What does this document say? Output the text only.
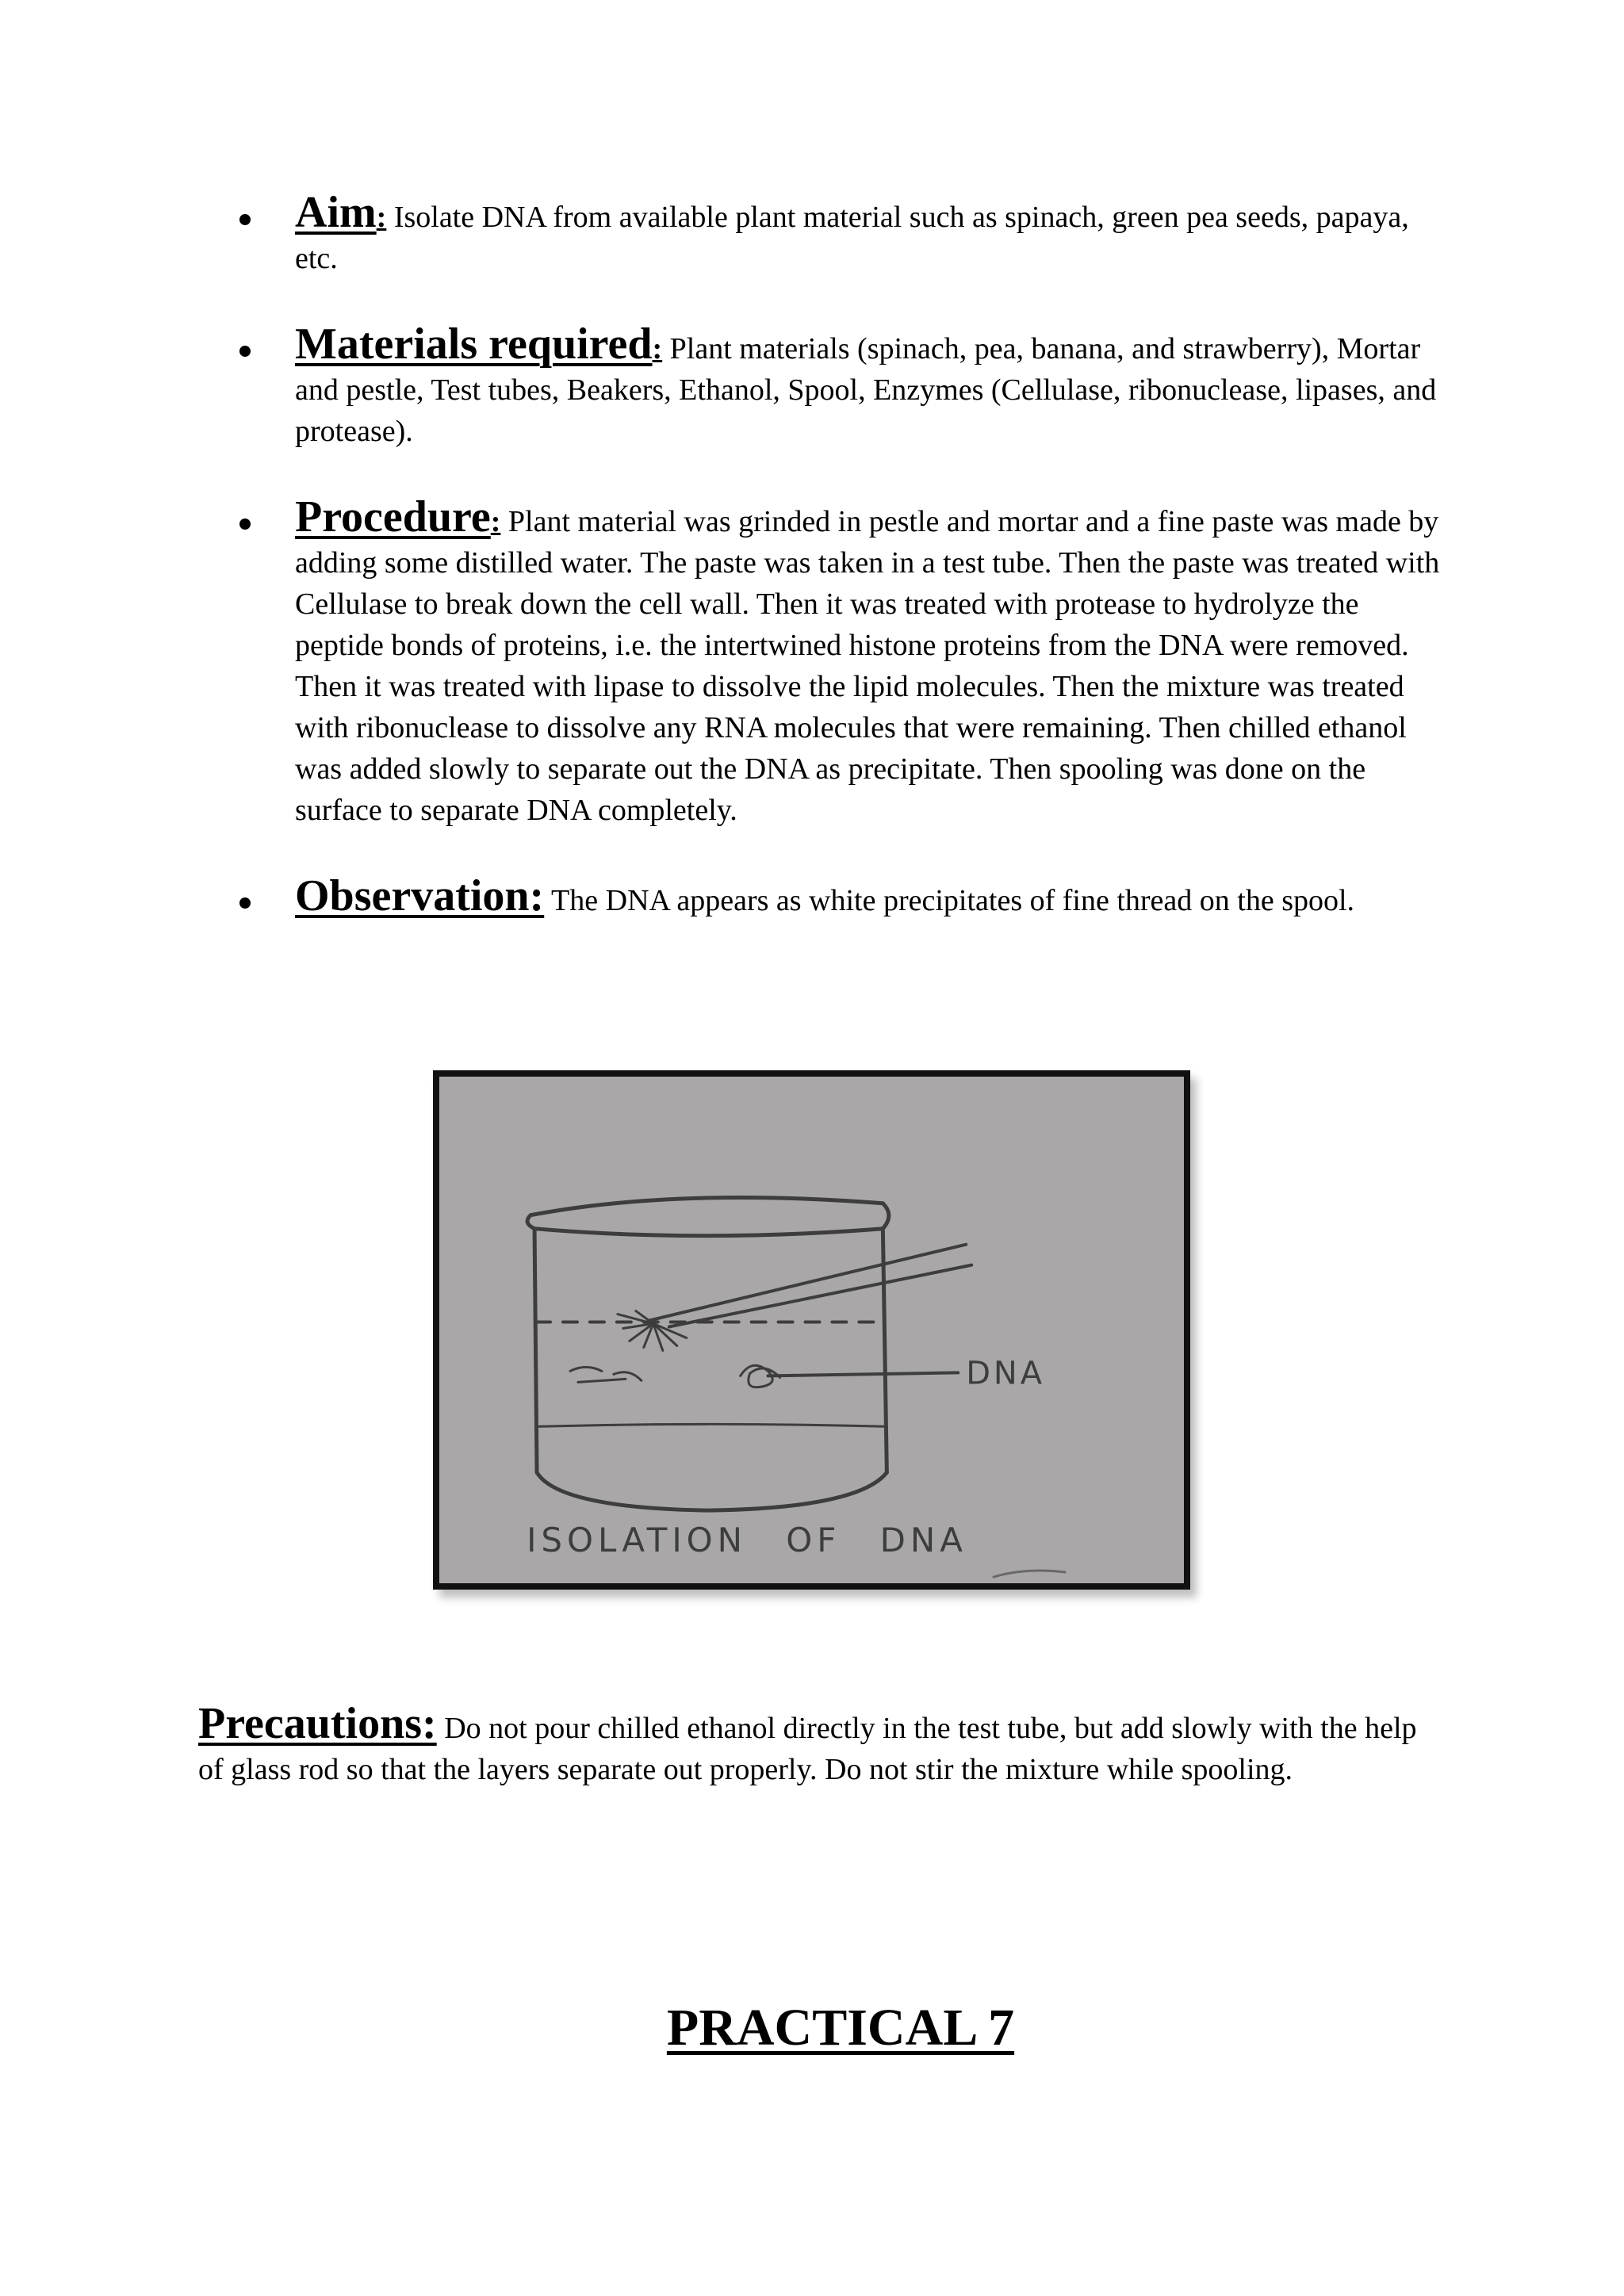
Aim: Isolate DNA from available plant material such as spinach, green pea seeds, papaya, etc.
Materials required: Plant materials (spinach, pea, banana, and strawberry), Mortar and pestle, Test tubes, Beakers, Ethanol, Spool, Enzymes (Cellulase, ribonuclease, lipases, and protease).
Procedure: Plant material was grinded in pestle and mortar and a fine paste was made by adding some distilled water. The paste was taken in a test tube. Then the paste was treated with Cellulase to break down the cell wall. Then it was treated with protease to hydrolyze the peptide bonds of proteins, i.e. the intertwined histone proteins from the DNA were removed. Then it was treated with lipase to dissolve the lipid molecules. Then the mixture was treated with ribonuclease to dissolve any RNA molecules that were remaining. Then chilled ethanol was added slowly to separate out the DNA as precipitate. Then spooling was done on the surface to separate DNA completely.
Observation: The DNA appears as white precipitates of fine thread on the spool.
DNA
ISOLATION OF DNA
Precautions: Do not pour chilled ethanol directly in the test tube, but add slowly with the help of glass rod so that the layers separate out properly. Do not stir the mixture while spooling.
PRACTICAL 7
